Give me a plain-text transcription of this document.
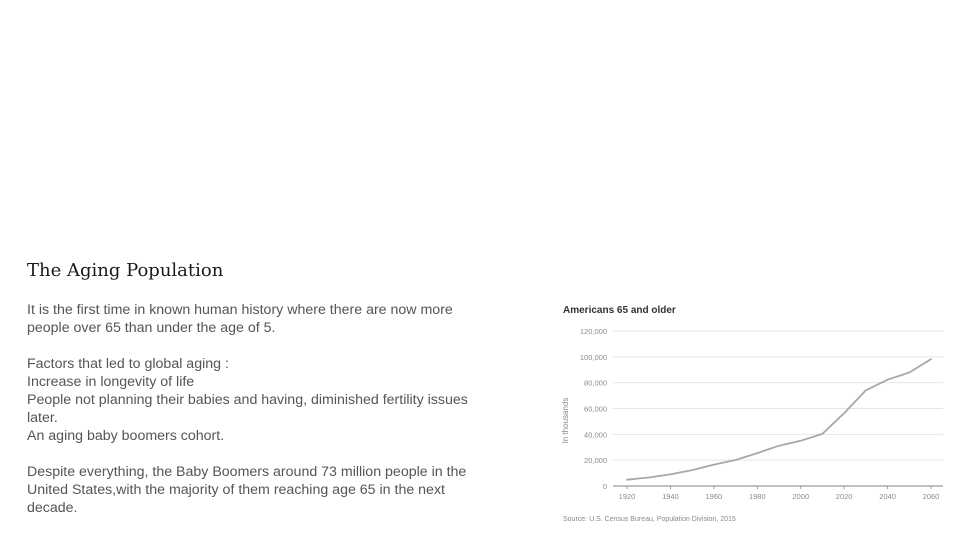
The Aging Population

It is the first time in known human history where there are now more

people over 65 than under the age of 5.

Factors that led to global aging :

Increase in longevity of life

People not planning their babies and having, diminished fertility issues

later.

An aging baby boomers cohort.

Despite everything, the Baby Boomers around 73 million people in the

United States,with the majority of them reaching age 65 in the next

decade.

Americans 65 and older
0
20,000
40,000
60,000
80,000
100,000
120,000
1920	1940	1960	1980	2000	2020	2040	2060
In thousands
Source: U.S. Census Bureau, Population Division, 2015
